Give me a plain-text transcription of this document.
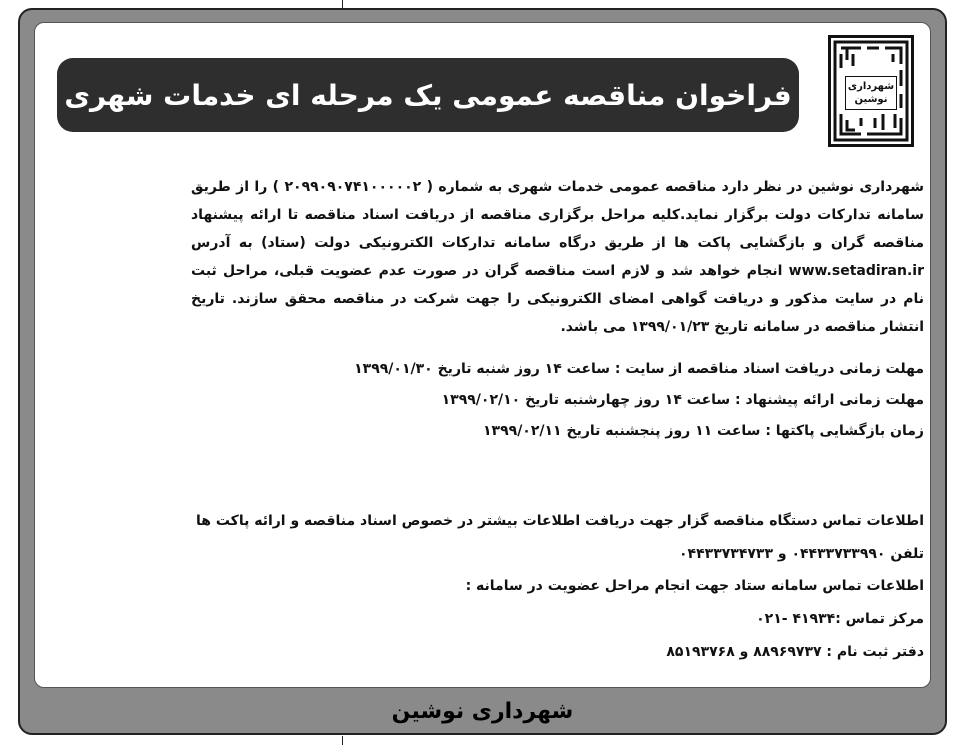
شهرداری
نوشین
فراخوان مناقصه عمومی یک مرحله ای خدمات شهری
شهرداری نوشین در نظر دارد مناقصه عمومی خدمات شهری به شماره ( ۲۰۹۹۰۹۰۷۴۱۰۰۰۰۰۲ ) را از طریق سامانه تدارکات دولت برگزار نماید.کلیه مراحل برگزاری مناقصه از دریافت اسناد مناقصه تا ارائه پیشنهاد مناقصه گران و بازگشایی پاکت ها از طریق درگاه سامانه تدارکات الکترونیکی دولت (ستاد) به آدرس www.setadiran.ir انجام خواهد شد و لازم است مناقصه گران در صورت عدم عضویت قبلی، مراحل ثبت نام در سایت مذکور و دریافت گواهی امضای الکترونیکی را جهت شرکت در مناقصه محقق سازند. تاریخ انتشار مناقصه در سامانه تاریخ ۱۳۹۹/۰۱/۲۳ می باشد.
مهلت زمانی دریافت اسناد مناقصه از سایت : ساعت ۱۴ روز شنبه تاریخ ۱۳۹۹/۰۱/۳۰
مهلت زمانی ارائه پیشنهاد : ساعت ۱۴ روز چهارشنبه تاریخ ۱۳۹۹/۰۲/۱۰
زمان بازگشایی پاکتها : ساعت ۱۱ روز پنجشنبه تاریخ ۱۳۹۹/۰۲/۱۱
اطلاعات تماس دستگاه مناقصه گزار جهت دریافت اطلاعات بیشتر در خصوص اسناد مناقصه و ارائه پاکت ها
تلفن ۰۴۴۳۳۷۳۳۹۹۰ و ۰۴۴۳۳۷۳۴۷۳۳
اطلاعات تماس سامانه ستاد جهت انجام مراحل عضویت در سامانه :
مرکز تماس :۴۱۹۳۴ -۰۲۱
دفتر ثبت نام : ۸۸۹۶۹۷۳۷ و ۸۵۱۹۳۷۶۸
شهرداری نوشین
